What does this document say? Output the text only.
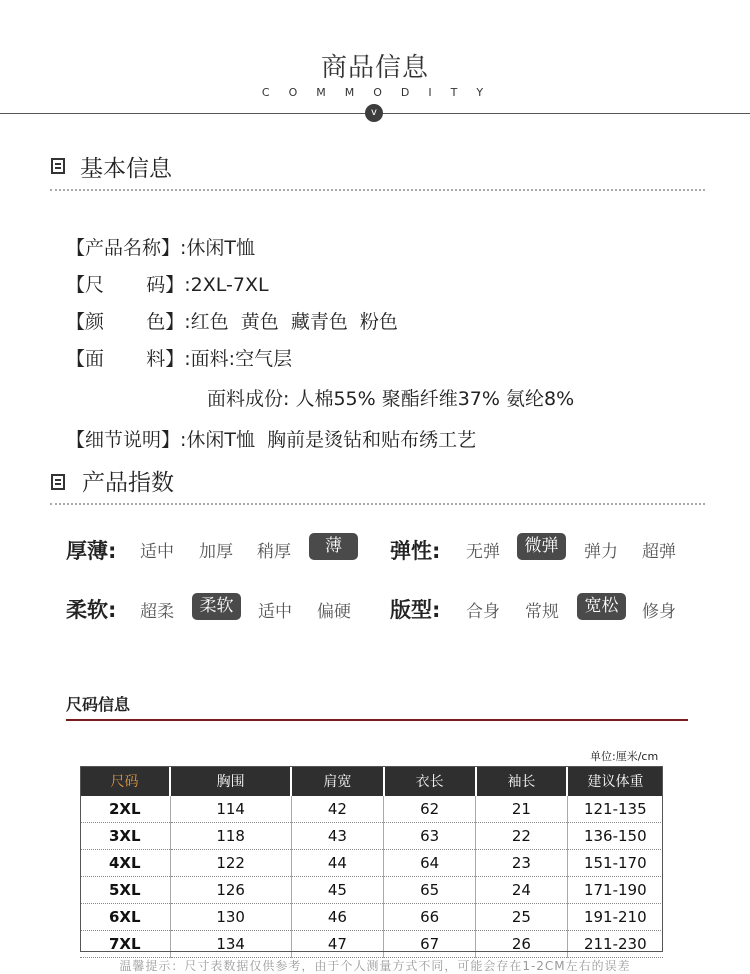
商品信息
COMMODITY
v
基本信息
【产品名称】:休闲T恤
【尺       码】:2XL-7XL
【颜       色】:红色  黄色  藏青色  粉色
【面       料】:面料:空气层
面料成份: 人棉55% 聚酯纤维37% 氨纶8%
【细节说明】:休闲T恤  胸前是烫钻和贴布绣工艺
产品指数
厚薄: 适中 加厚 稍厚	薄	弹性: 无弹	微弹	弹力 超弹
柔软: 超柔	柔软	适中 偏硬 版型: 合身 常规	宽松	修身
尺码信息
单位:厘米/cm
尺码	胸围	肩宽	衣长	袖长	建议体重
2XL	114	42	62	21	121-135
3XL	118	43	63	22	136-150
4XL	122	44	64	23	151-170
5XL	126	45	65	24	171-190
6XL	130	46	66	25	191-210
7XL	134	47	67	26	211-230
温馨提示：尺寸表数据仅供参考，由于个人测量方式不同，可能会存在1-2CM左右的误差
